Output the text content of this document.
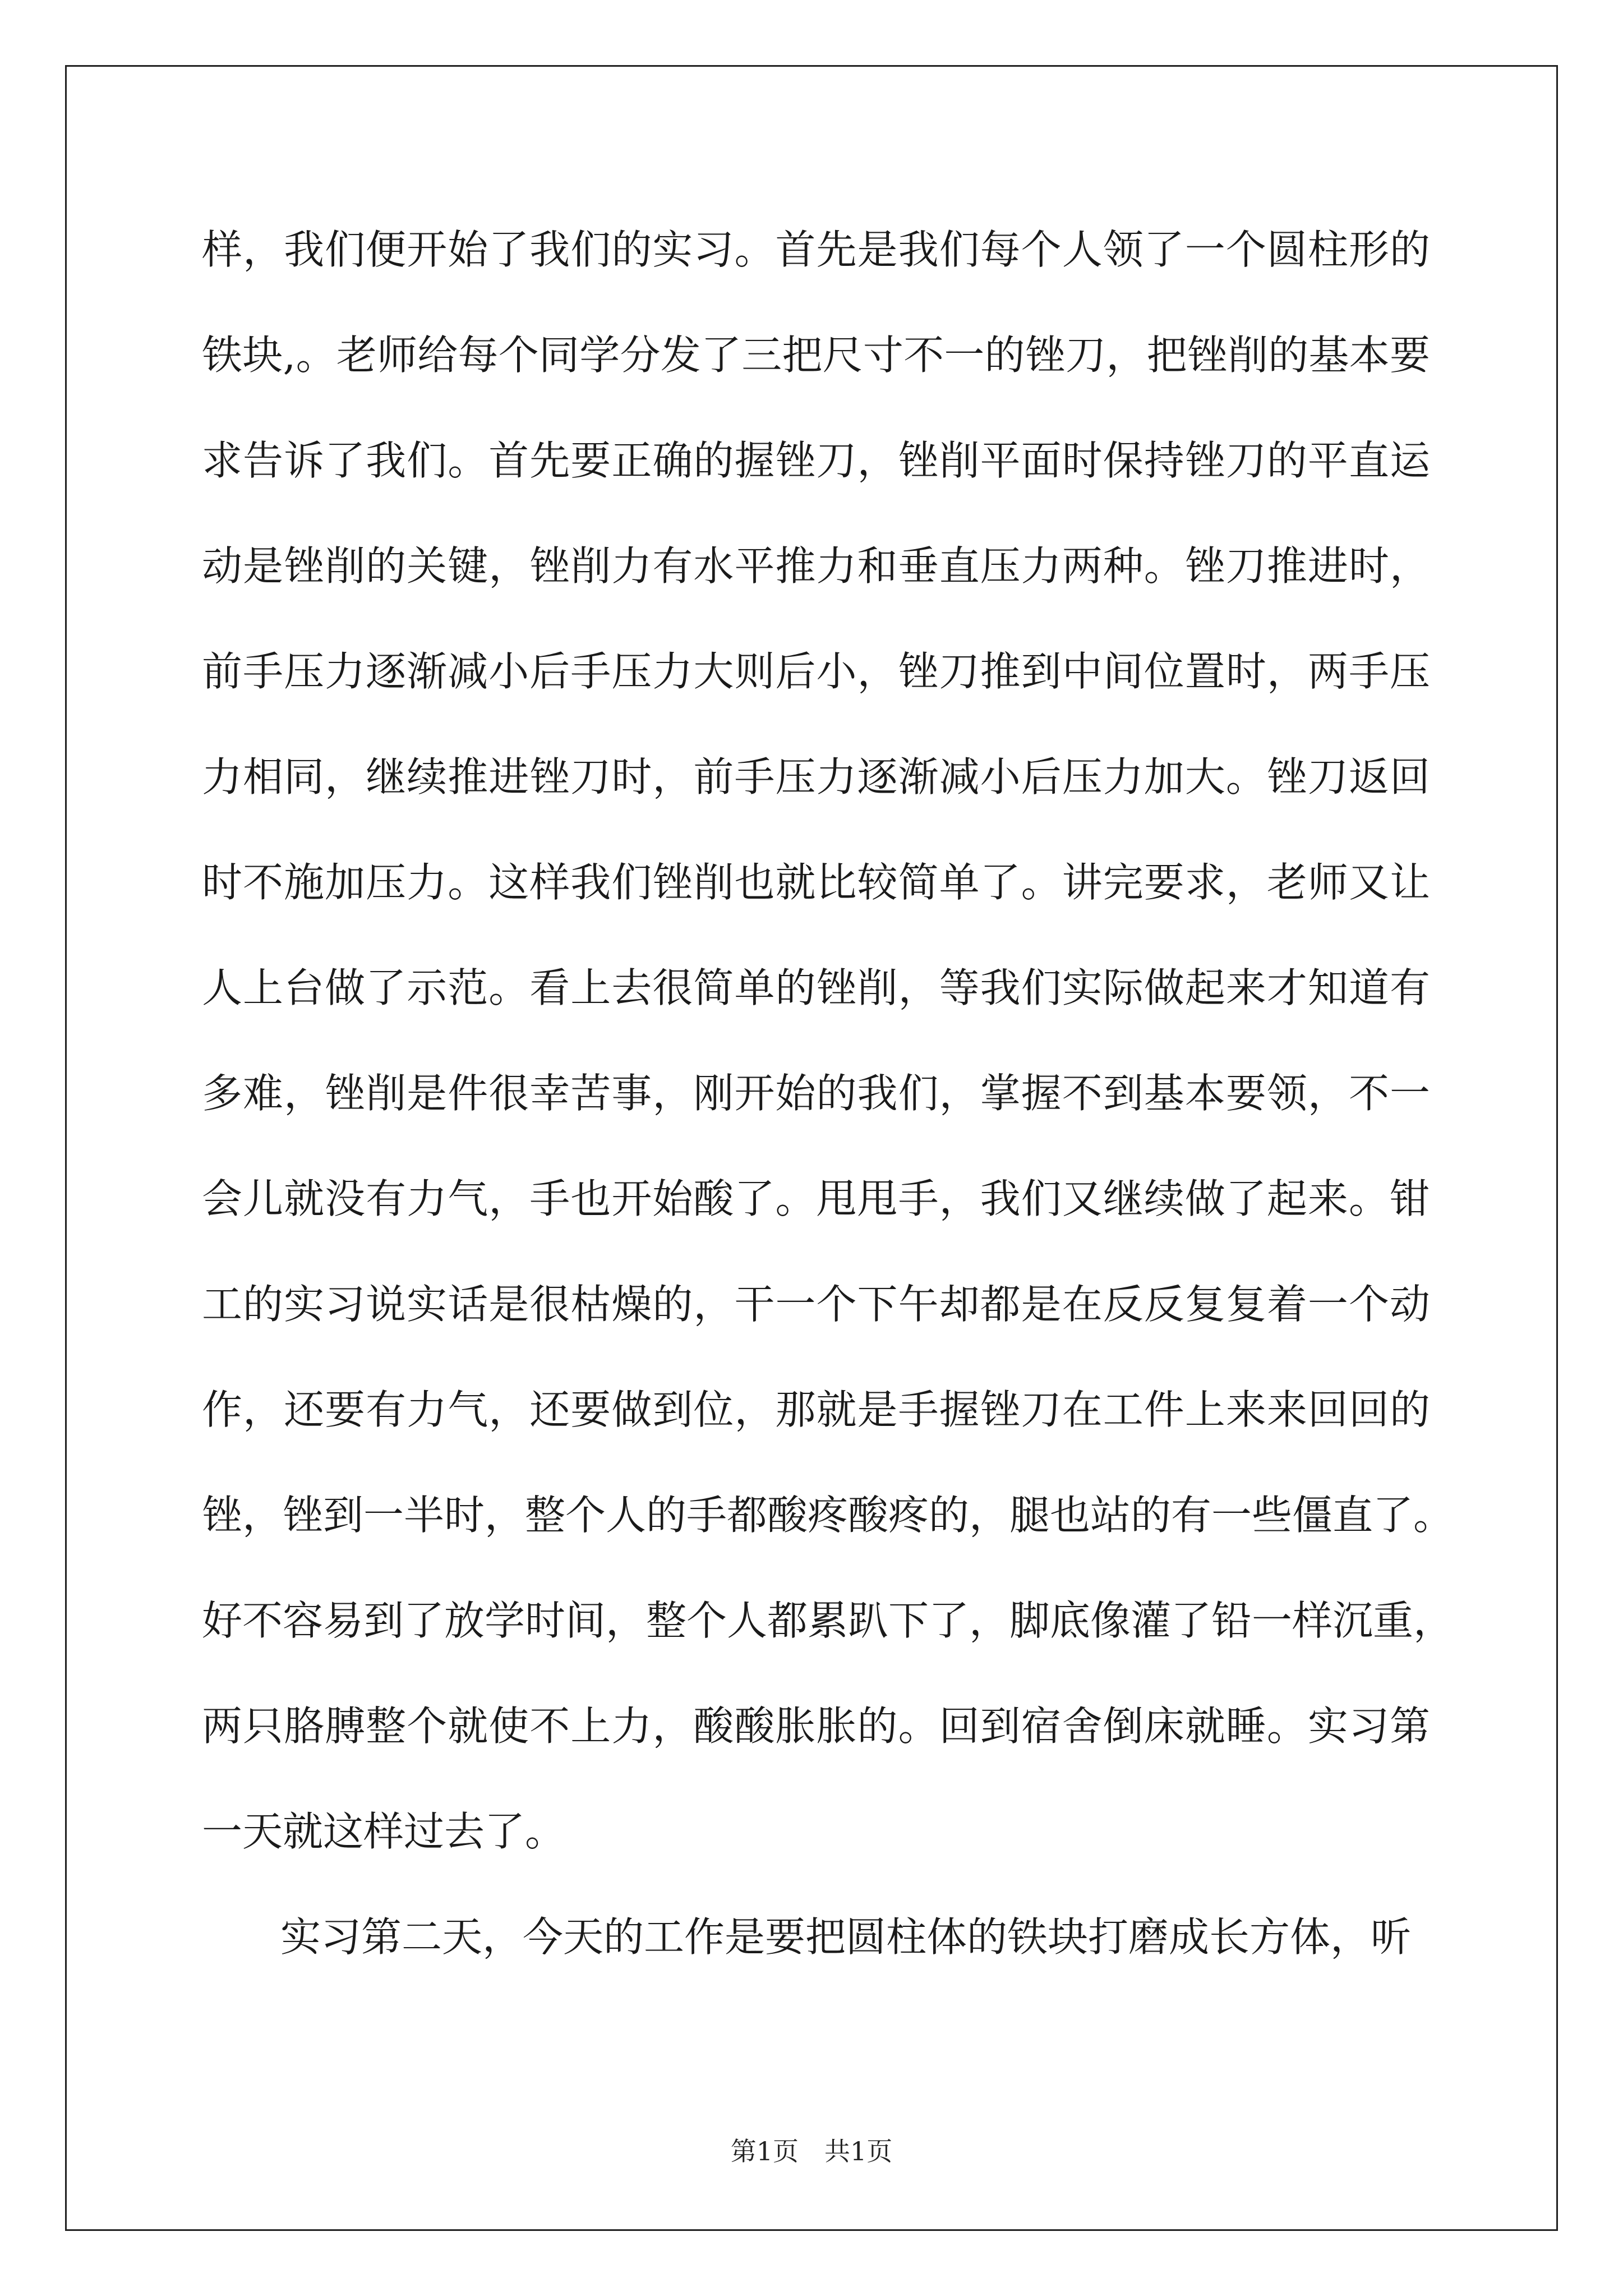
样，我们便开始了我们的实习。首先是我们每个人领了一个圆柱形的
铁块,。老师给每个同学分发了三把尺寸不一的锉刀，把锉削的基本要
求告诉了我们。首先要正确的握锉刀，锉削平面时保持锉刀的平直运
动是锉削的关键，锉削力有水平推力和垂直压力两种。锉刀推进时，
前手压力逐渐减小后手压力大则后小，锉刀推到中间位置时，两手压
力相同，继续推进锉刀时，前手压力逐渐减小后压力加大。锉刀返回
时不施加压力。这样我们锉削也就比较简单了。讲完要求，老师又让
人上台做了示范。看上去很简单的锉削，等我们实际做起来才知道有
多难，锉削是件很幸苦事，刚开始的我们，掌握不到基本要领，不一
会儿就没有力气，手也开始酸了。甩甩手，我们又继续做了起来。钳
工的实习说实话是很枯燥的，干一个下午却都是在反反复复着一个动
作，还要有力气，还要做到位，那就是手握锉刀在工件上来来回回的
锉，锉到一半时，整个人的手都酸疼酸疼的，腿也站的有一些僵直了。
好不容易到了放学时间，整个人都累趴下了，脚底像灌了铅一样沉重，
两只胳膊整个就使不上力，酸酸胀胀的。回到宿舍倒床就睡。实习第
一天就这样过去了。
实习第二天，今天的工作是要把圆柱体的铁块打磨成长方体，听
第1页　共1页
